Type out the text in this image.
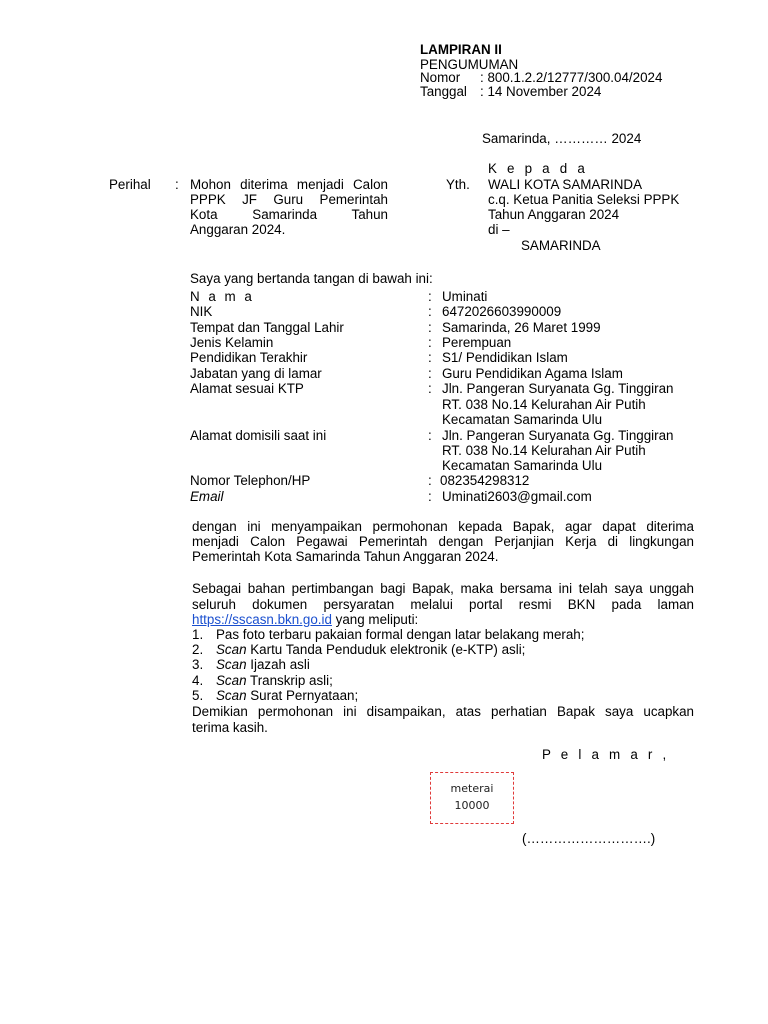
LAMPIRAN II
PENGUMUMAN
Nomor : 800.1.2.2/12777/300.04/2024
Tanggal : 14 November 2024
Samarinda, ………… 2024
K e p a d a
Yth. WALI KOTA SAMARINDA
c.q. Ketua Panitia Seleksi PPPK
Tahun Anggaran 2024
di –
SAMARINDA
Perihal : Mohon diterima menjadi Calon
PPPK JF Guru Pemerintah
Kota Samarinda Tahun
Anggaran 2024.
Saya yang bertanda tangan di bawah ini:
N a m a	: Uminati
NIK	: 6472026603990009
Tempat dan Tanggal Lahir	: Samarinda, 26 Maret 1999
Jenis Kelamin	: Perempuan
Pendidikan Terakhir	: S1/ Pendidikan Islam
Jabatan yang di lamar	: Guru Pendidikan Agama Islam
Alamat sesuai KTP	: Jln. Pangeran Suryanata Gg. Tinggiran
RT. 038 No.14 Kelurahan Air Putih
Kecamatan Samarinda Ulu
Alamat domisili saat ini	: Jln. Pangeran Suryanata Gg. Tinggiran
RT. 038 No.14 Kelurahan Air Putih
Kecamatan Samarinda Ulu
Nomor Telephon/HP	: 082354298312
Email	: Uminati2603@gmail.com
dengan ini menyampaikan permohonan kepada Bapak, agar dapat diterima
menjadi Calon Pegawai Pemerintah dengan Perjanjian Kerja di lingkungan
Pemerintah Kota Samarinda Tahun Anggaran 2024.
Sebagai bahan pertimbangan bagi Bapak, maka bersama ini telah saya unggah
seluruh dokumen persyaratan melalui portal resmi BKN pada laman
https://sscasn.bkn.go.id yang meliputi:
1. Pas foto terbaru pakaian formal dengan latar belakang merah;
2. Scan Kartu Tanda Penduduk elektronik (e-KTP) asli;
3. Scan Ijazah asli
4. Scan Transkrip asli;
5. Scan Surat Pernyataan;
Demikian permohonan ini disampaikan, atas perhatian Bapak saya ucapkan
terima kasih.
P e l a m a r ,
meterai
10000
(……………………….)
